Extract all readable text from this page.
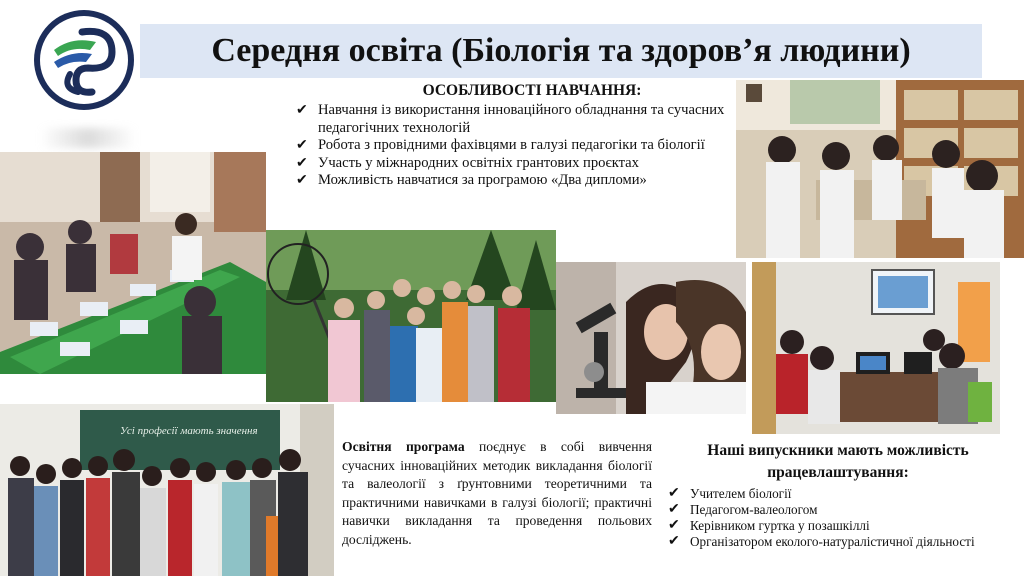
Середня освіта (Біологія та здоров’я людини)
ОСОБЛИВОСТІ НАВЧАННЯ:
✔ Навчання із використання інноваційного обладнання та сучасних педагогічних технологій
✔ Робота з провідними фахівцями в галузі педагогіки та біології
✔ Участь у міжнародних освітніх грантових проєктах
✔ Можливість навчатися за програмою «Два дипломи»
Усі професії мають значення

Освітня програма поєднує в собі вивчення сучасних інноваційних методик викладання біології та валеології з ґрунтовними теоретичними та практичними навичками в галузі біології; практичні навички викладання та проведення польових досліджень.

Наші випускники мають можливість працевлаштування:
✔ Учителем біології
✔ Педагогом-валеологом
✔ Керівником гуртка у позашкіллі
✔ Організатором еколого-натуралістичної діяльності
